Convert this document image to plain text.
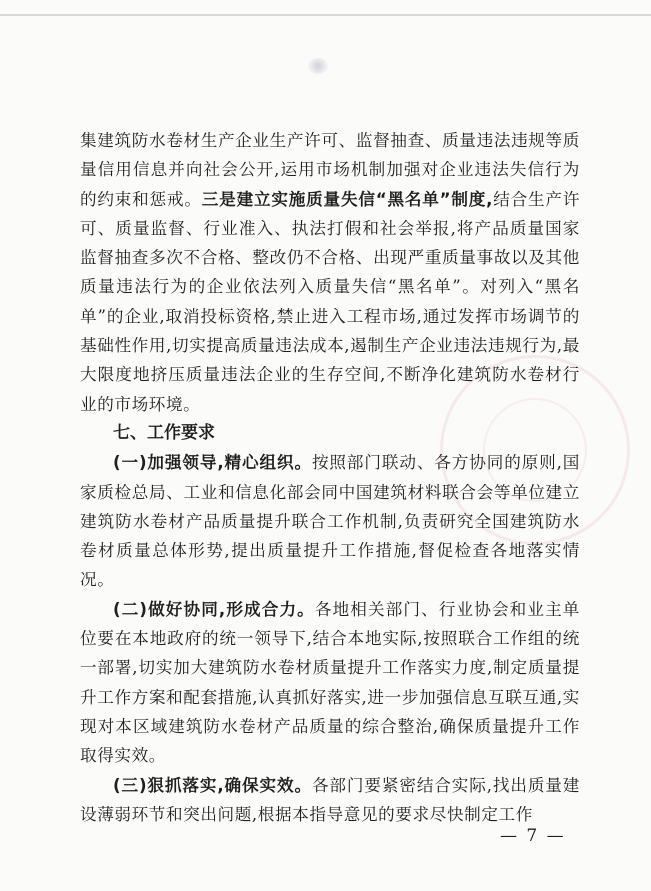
集建筑防水卷材生产企业生产许可、监督抽查、质量违法违规等质量信用信息并向社会公开,运用市场机制加强对企业违法失信行为的约束和惩戒。三是建立实施质量失信“黑名单”制度,结合生产许可、质量监督、行业准入、执法打假和社会举报,将产品质量国家监督抽查多次不合格、整改仍不合格、出现严重质量事故以及其他质量违法行为的企业依法列入质量失信“黑名单”。对列入“黑名单”的企业,取消投标资格,禁止进入工程市场,通过发挥市场调节的基础性作用,切实提高质量违法成本,遏制生产企业违法违规行为,最大限度地挤压质量违法企业的生存空间,不断净化建筑防水卷材行业的市场环境。

七、工作要求

(一)加强领导,精心组织。按照部门联动、各方协同的原则,国家质检总局、工业和信息化部会同中国建筑材料联合会等单位建立建筑防水卷材产品质量提升联合工作机制,负责研究全国建筑防水卷材质量总体形势,提出质量提升工作措施,督促检查各地落实情况。

(二)做好协同,形成合力。各地相关部门、行业协会和业主单位要在本地政府的统一领导下,结合本地实际,按照联合工作组的统一部署,切实加大建筑防水卷材质量提升工作落实力度,制定质量提升工作方案和配套措施,认真抓好落实,进一步加强信息互联互通,实现对本区域建筑防水卷材产品质量的综合整治,确保质量提升工作取得实效。

(三)狠抓落实,确保实效。各部门要紧密结合实际,找出质量建设薄弱环节和突出问题,根据本指导意见的要求尽快制定工作

— 7 —
